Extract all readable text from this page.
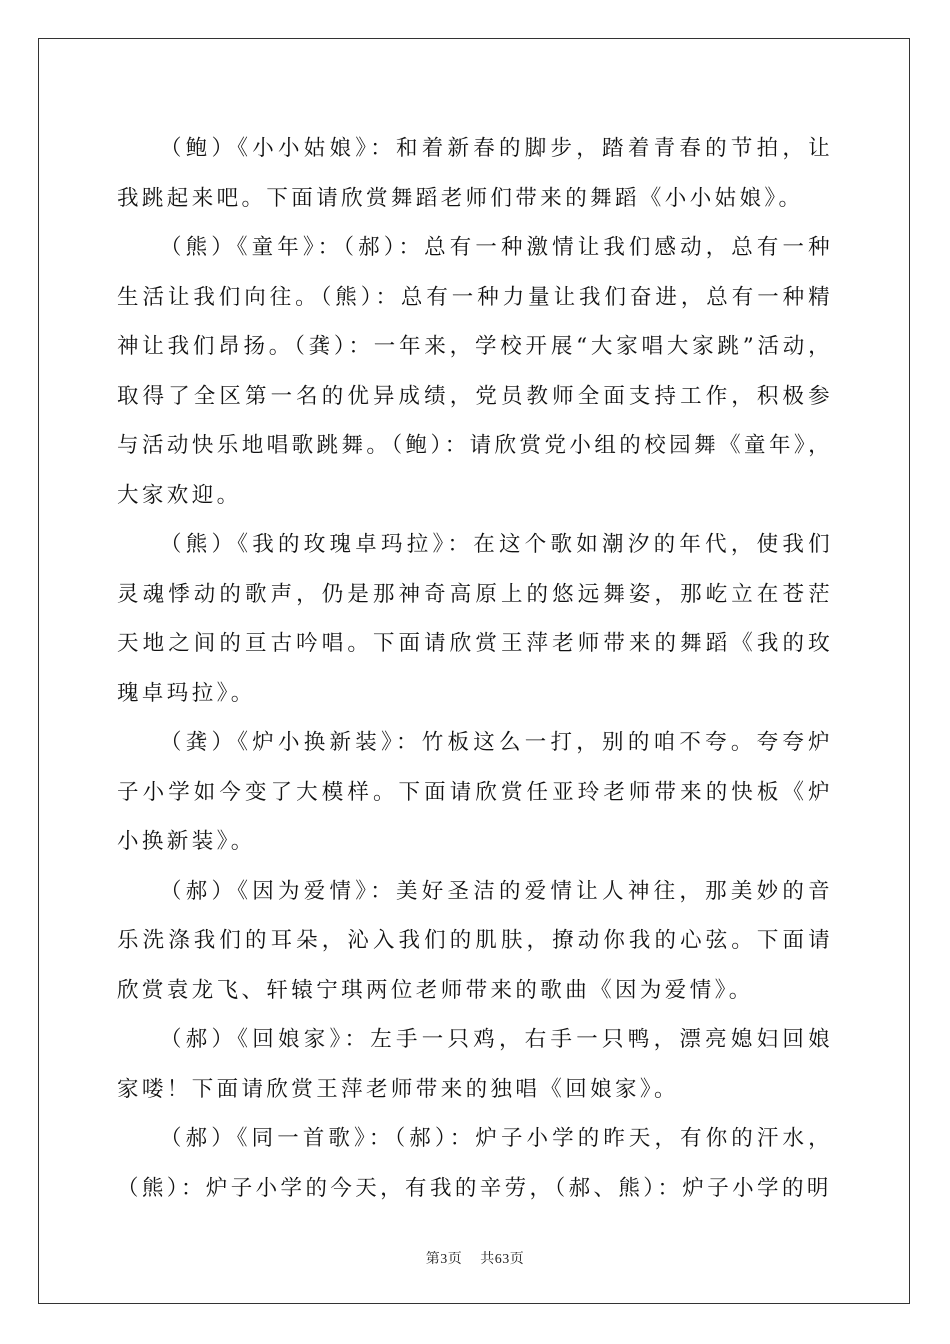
（鲍）《小小姑娘》：和着新春的脚步，踏着青春的节拍，让我跳起来吧。下面请欣赏舞蹈老师们带来的舞蹈《小小姑娘》。

（熊）《童年》：（郝）：总有一种激情让我们感动，总有一种生活让我们向往。（熊）：总有一种力量让我们奋进，总有一种精神让我们昂扬。（龚）：一年来，学校开展“大家唱大家跳”活动，取得了全区第一名的优异成绩，党员教师全面支持工作，积极参与活动快乐地唱歌跳舞。（鲍）：请欣赏党小组的校园舞《童年》，大家欢迎。

（熊）《我的玫瑰卓玛拉》：在这个歌如潮汐的年代，使我们灵魂悸动的歌声，仍是那神奇高原上的悠远舞姿，那屹立在苍茫天地之间的亘古吟唱。下面请欣赏王萍老师带来的舞蹈《我的玫瑰卓玛拉》。

（龚）《炉小换新装》：竹板这么一打，别的咱不夸。夸夸炉子小学如今变了大模样。下面请欣赏任亚玲老师带来的快板《炉小换新装》。

（郝）《因为爱情》：美好圣洁的爱情让人神往，那美妙的音乐洗涤我们的耳朵，沁入我们的肌肤，撩动你我的心弦。下面请欣赏袁龙飞、轩辕宁琪两位老师带来的歌曲《因为爱情》。

（郝）《回娘家》：左手一只鸡，右手一只鸭，漂亮媳妇回娘家喽！下面请欣赏王萍老师带来的独唱《回娘家》。

（郝）《同一首歌》：（郝）：炉子小学的昨天，有你的汗水，（熊）：炉子小学的今天，有我的辛劳，（郝、熊）：炉子小学的明

第3页 共63页
